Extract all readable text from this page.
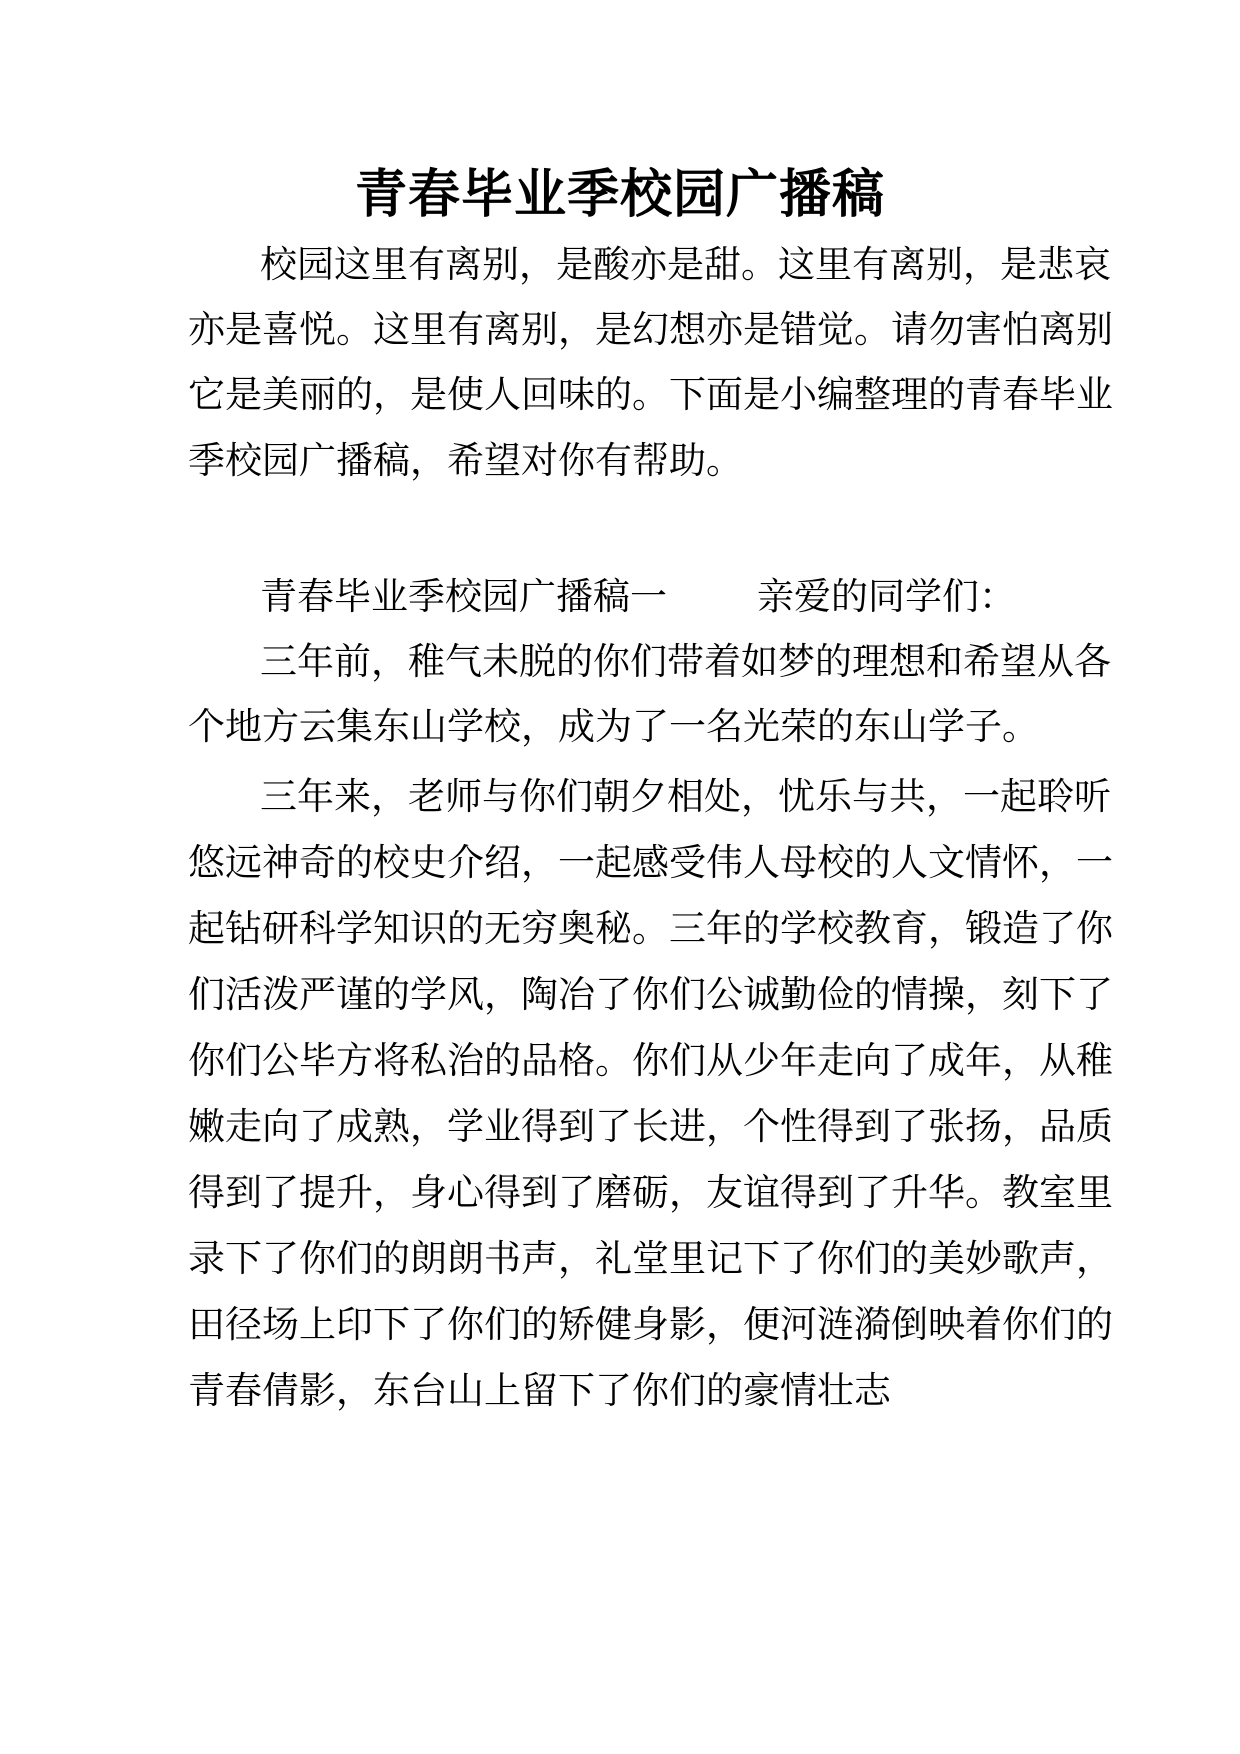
青春毕业季校园广播稿

校园这里有离别，是酸亦是甜。这里有离别，是悲哀

亦是喜悦。这里有离别，是幻想亦是错觉。请勿害怕离别

它是美丽的，是使人回味的。下面是小编整理的青春毕业

季校园广播稿，希望对你有帮助。

青春毕业季校园广播稿一 亲爱的同学们：

三年前，稚气未脱的你们带着如梦的理想和希望从各

个地方云集东山学校，成为了一名光荣的东山学子。

三年来，老师与你们朝夕相处，忧乐与共，一起聆听

悠远神奇的校史介绍，一起感受伟人母校的人文情怀，一

起钻研科学知识的无穷奥秘。三年的学校教育，锻造了你

们活泼严谨的学风，陶冶了你们公诚勤俭的情操，刻下了

你们公毕方将私治的品格。你们从少年走向了成年，从稚

嫩走向了成熟，学业得到了长进，个性得到了张扬，品质

得到了提升，身心得到了磨砺，友谊得到了升华。教室里

录下了你们的朗朗书声，礼堂里记下了你们的美妙歌声，

田径场上印下了你们的矫健身影，便河涟漪倒映着你们的

青春倩影，东台山上留下了你们的豪情壮志
